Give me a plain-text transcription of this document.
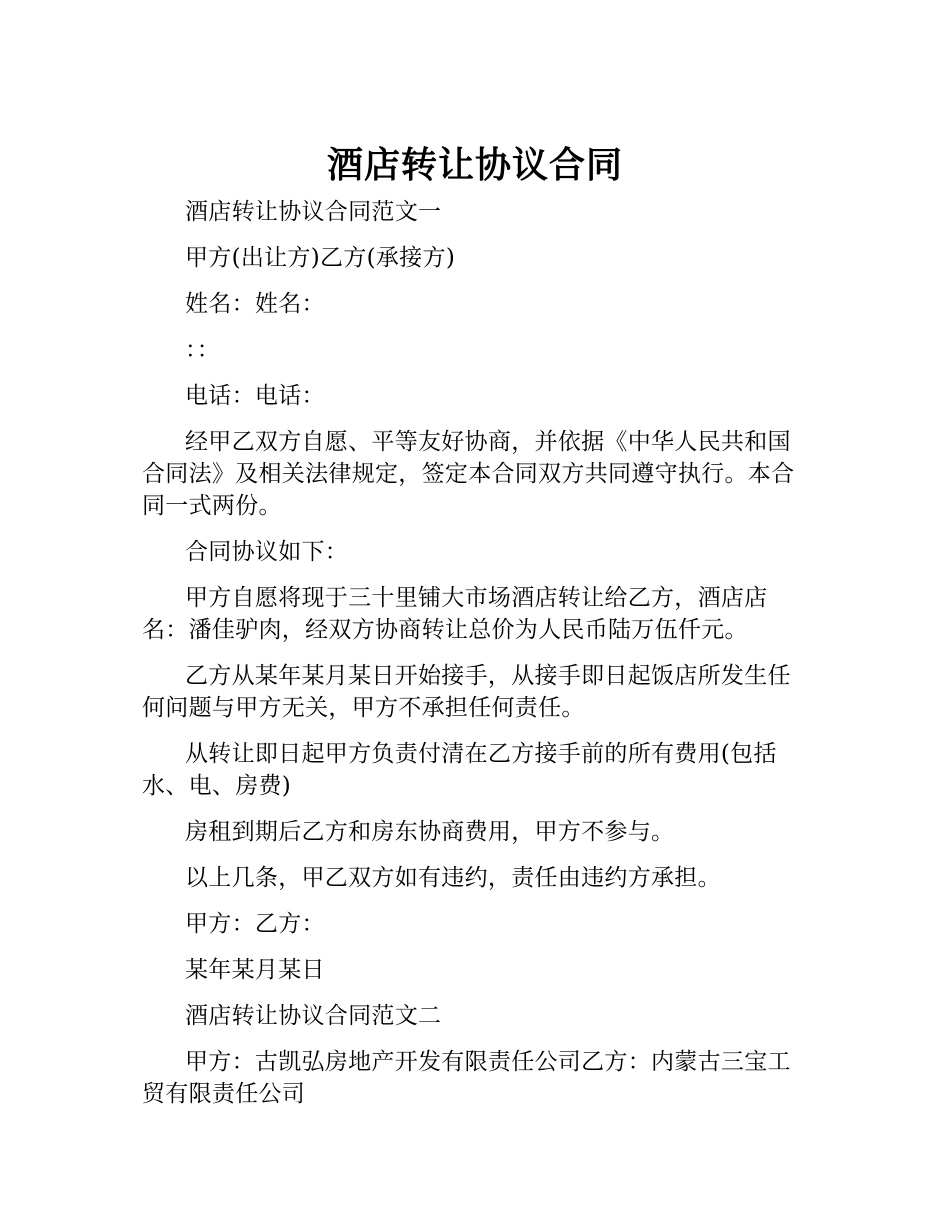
酒店转让协议合同

酒店转让协议合同范文一

甲方(出让方)乙方(承接方)

姓名：姓名：

：：

电话：电话：

经甲乙双方自愿、平等友好协商，并依据《中华人民共和国合同法》及相关法律规定，签定本合同双方共同遵守执行。本合同一式两份。

合同协议如下：

甲方自愿将现于三十里铺大市场酒店转让给乙方，酒店店名：潘佳驴肉，经双方协商转让总价为人民币陆万伍仟元。

乙方从某年某月某日开始接手，从接手即日起饭店所发生任何问题与甲方无关，甲方不承担任何责任。

从转让即日起甲方负责付清在乙方接手前的所有费用(包括水、电、房费)

房租到期后乙方和房东协商费用，甲方不参与。

以上几条，甲乙双方如有违约，责任由违约方承担。

甲方：乙方：

某年某月某日

酒店转让协议合同范文二

甲方：古凯弘房地产开发有限责任公司乙方：内蒙古三宝工贸有限责任公司
